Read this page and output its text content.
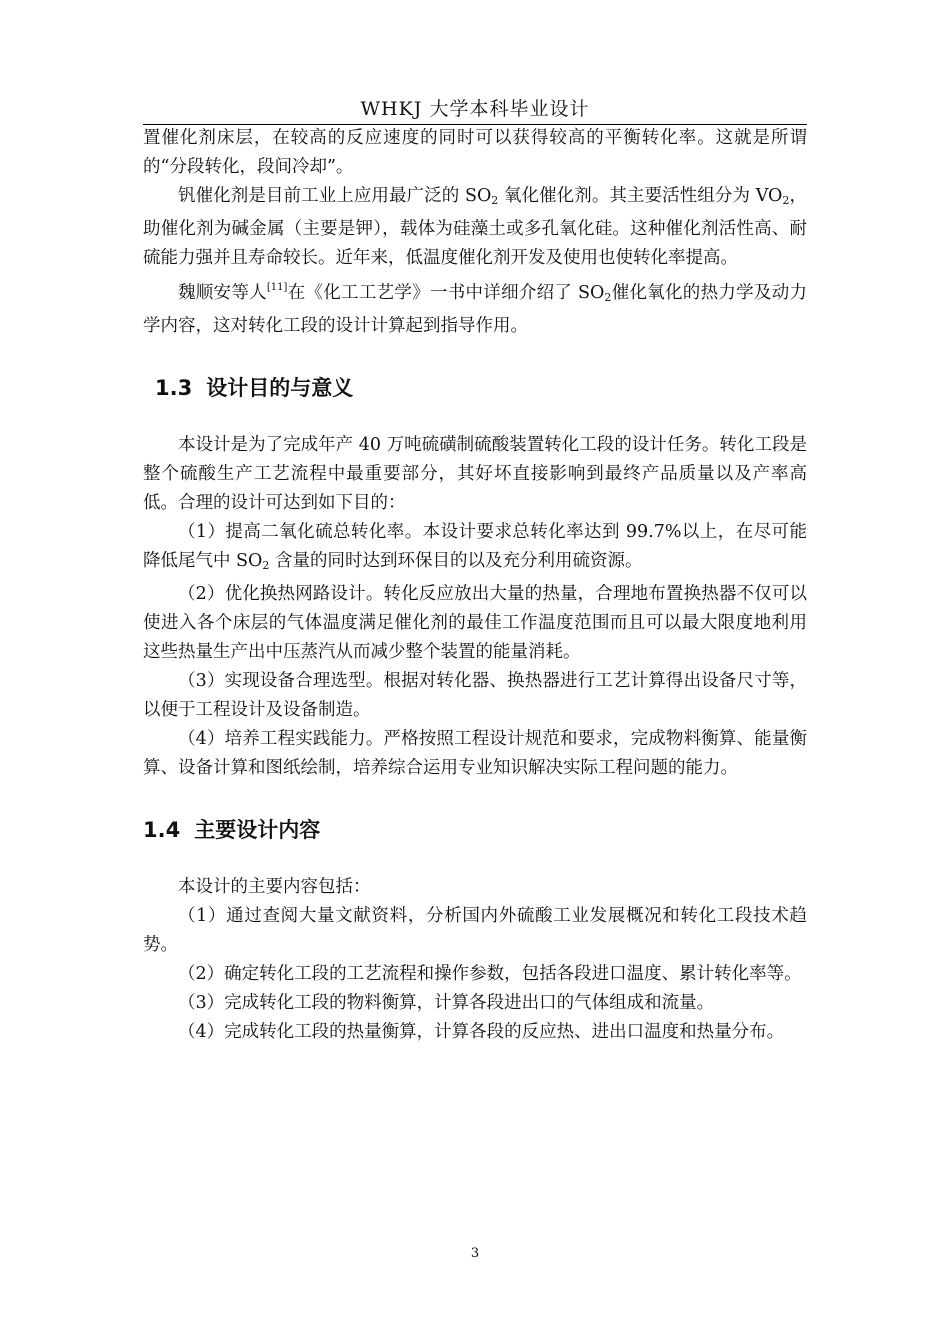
WHKJ 大学本科毕业设计

置催化剂床层，在较高的反应速度的同时可以获得较高的平衡转化率。这就是所谓的“分段转化，段间冷却”。

钒催化剂是目前工业上应用最广泛的 $SO_2$ 氧化催化剂。其主要活性组分为 $VO_2$，助催化剂为碱金属（主要是钾），载体为硅藻土或多孔氧化硅。这种催化剂活性高、耐硫能力强并且寿命较长。近年来，低温度催化剂开发及使用也使转化率提高。

魏顺安等人[11]在《化工工艺学》一书中详细介绍了 $SO_2$催化氧化的热力学及动力学内容，这对转化工段的设计计算起到指导作用。

1.3 设计目的与意义

本设计是为了完成年产 40 万吨硫磺制硫酸装置转化工段的设计任务。转化工段是整个硫酸生产工艺流程中最重要部分，其好坏直接影响到最终产品质量以及产率高低。合理的设计可达到如下目的：

（1）提高二氧化硫总转化率。本设计要求总转化率达到 99.7%以上，在尽可能降低尾气中 $SO_2$ 含量的同时达到环保目的以及充分利用硫资源。

（2）优化换热网路设计。转化反应放出大量的热量，合理地布置换热器不仅可以使进入各个床层的气体温度满足催化剂的最佳工作温度范围而且可以最大限度地利用这些热量生产出中压蒸汽从而减少整个装置的能量消耗。

（3）实现设备合理选型。根据对转化器、换热器进行工艺计算得出设备尺寸等，以便于工程设计及设备制造。

（4）培养工程实践能力。严格按照工程设计规范和要求，完成物料衡算、能量衡算、设备计算和图纸绘制，培养综合运用专业知识解决实际工程问题的能力。

1.4 主要设计内容

本设计的主要内容包括：

（1）通过查阅大量文献资料，分析国内外硫酸工业发展概况和转化工段技术趋势。

（2）确定转化工段的工艺流程和操作参数，包括各段进口温度、累计转化率等。

（3）完成转化工段的物料衡算，计算各段进出口的气体组成和流量。

（4）完成转化工段的热量衡算，计算各段的反应热、进出口温度和热量分布。

3
